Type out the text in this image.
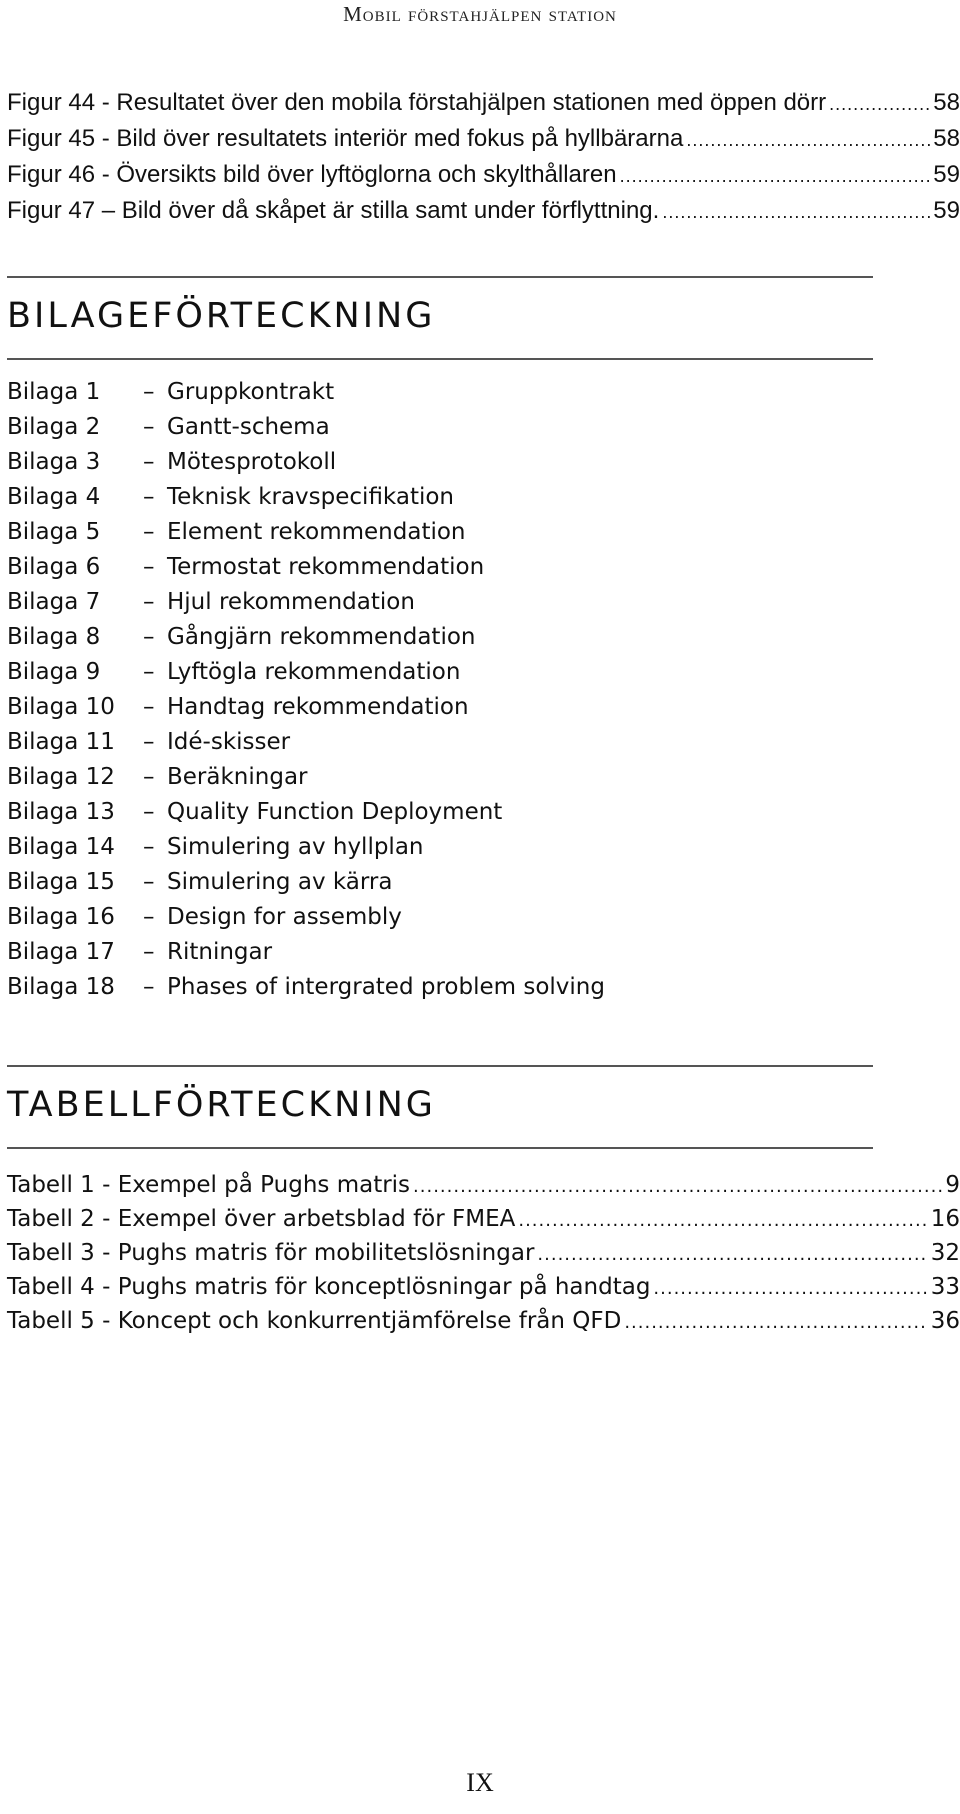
Mobil förstahjälpen station
Figur 44 - Resultatet över den mobila förstahjälpen stationen med öppen dörr .....	58
Figur 45 - Bild över resultatets interiör med fokus på hyllbärarna .....	58
Figur 46 - Översikts bild över lyftöglorna och skylthållaren .....	59
Figur 47 – Bild över då skåpet är stilla samt under förflyttning. .....	59
BILAGEFÖRTECKNING
Bilaga 1	– Gruppkontrakt
Bilaga 2	– Gantt-schema
Bilaga 3	– Mötesprotokoll
Bilaga 4	– Teknisk kravspecifikation
Bilaga 5	– Element rekommendation
Bilaga 6	– Termostat rekommendation
Bilaga 7	– Hjul rekommendation
Bilaga 8	– Gångjärn rekommendation
Bilaga 9	– Lyftögla rekommendation
Bilaga 10	– Handtag rekommendation
Bilaga 11	– Idé-skisser
Bilaga 12	– Beräkningar
Bilaga 13	– Quality Function Deployment
Bilaga 14	– Simulering av hyllplan
Bilaga 15	– Simulering av kärra
Bilaga 16	– Design for assembly
Bilaga 17	– Ritningar
Bilaga 18	– Phases of intergrated problem solving
TABELLFÖRTECKNING
Tabell 1 - Exempel på Pughs matris .....	9
Tabell 2 - Exempel över arbetsblad för FMEA .....	16
Tabell 3 - Pughs matris för mobilitetslösningar .....	32
Tabell 4 - Pughs matris för konceptlösningar på handtag .....	33
Tabell 5 - Koncept och konkurrentjämförelse från QFD .....	36
IX
